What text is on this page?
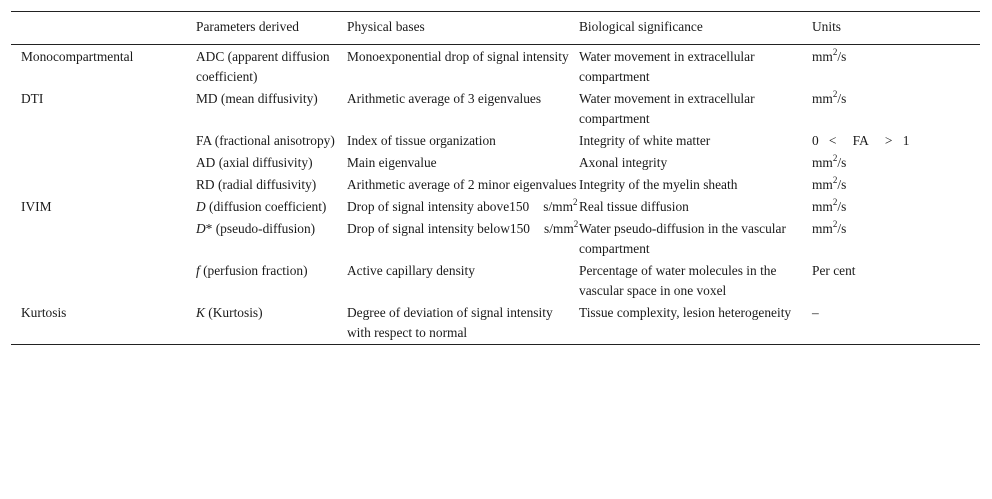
	Parameters derived	Physical bases	Biological significance	Units
Monocompartmental	ADC (apparent diffusion coefficient)	Monoexponential drop of signal intensity	Water movement in extracellular compartment	$mm^2/s$
DTI	MD (mean diffusivity)	Arithmetic average of 3 eigenvalues	Water movement in extracellular compartment	$mm^2/s$
	FA (fractional anisotropy)	Index of tissue organization	Integrity of white matter	0 < FA > 1
	AD (axial diffusivity)	Main eigenvalue	Axonal integrity	$mm^2/s$
	RD (radial diffusivity)	Arithmetic average of 2 minor eigenvalues	Integrity of the myelin sheath	$mm^2/s$
IVIM	D (diffusion coefficient)	Drop of signal intensity above150 $s/mm^2$	Real tissue diffusion	$mm^2/s$
	D* (pseudo-diffusion)	Drop of signal intensity below150 $s/mm^2$	Water pseudo-diffusion in the vascular compartment	$mm^2/s$
	f (perfusion fraction)	Active capillary density	Percentage of water molecules in the vascular space in one voxel	Per cent
Kurtosis	K (Kurtosis)	Degree of deviation of signal intensity with respect to normal	Tissue complexity, lesion heterogeneity	–
